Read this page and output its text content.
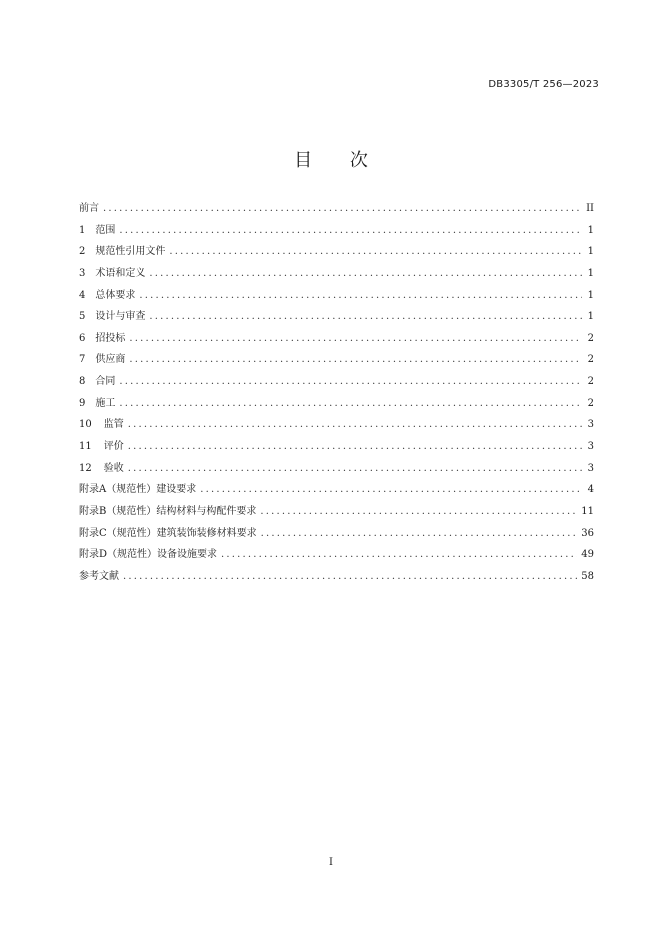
DB3305/T 256—2023
目 次
前言 .....	II
1 范围 .....	1
2 规范性引用文件 .....	1
3 术语和定义 .....	1
4 总体要求 .....	1
5 设计与审查 .....	1
6 招投标 .....	2
7 供应商 .....	2
8 合同 .....	2
9 施工 .....	2
10 监管 .....	3
11 评价 .....	3
12 验收 .....	3
附录A（规范性）建设要求 .....	4
附录B（规范性）结构材料与构配件要求 .....	11
附录C（规范性）建筑装饰装修材料要求 .....	36
附录D（规范性）设备设施要求 .....	49
参考文献 .....	58
I
